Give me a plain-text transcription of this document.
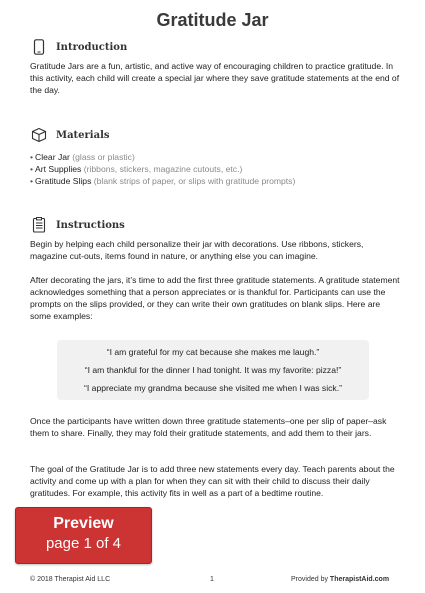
Gratitude Jar
Introduction

Gratitude Jars are a fun, artistic, and active way of encouraging children to practice gratitude. In this activity, each child will create a special jar where they save gratitude statements at the end of the day.

Materials
• Clear Jar (glass or plastic)
• Art Supplies (ribbons, stickers, magazine cutouts, etc.)
• Gratitude Slips (blank strips of paper, or slips with gratitude prompts)
Instructions

Begin by helping each child personalize their jar with decorations. Use ribbons, stickers, magazine cut-outs, items found in nature, or anything else you can imagine.

After decorating the jars, it’s time to add the first three gratitude statements. A gratitude statement acknowledges something that a person appreciates or is thankful for. Participants can use the prompts on the slips provided, or they can write their own gratitudes on blank slips. Here are some examples:

“I am grateful for my cat because she makes me laugh.”
“I am thankful for the dinner I had tonight. It was my favorite: pizza!”
“I appreciate my grandma because she visited me when I was sick.”

Once the participants have written down three gratitude statements–one per slip of paper–ask them to share. Finally, they may fold their gratitude statements, and add them to their jars.

The goal of the Gratitude Jar is to add three new statements every day. Teach parents about the activity and come up with a plan for when they can sit with their child to discuss their daily gratitudes. For example, this activity fits in well as a part of a bedtime routine.

Preview
page 1 of 4
© 2018 Therapist Aid LLC	1	Provided by TherapistAid.com
